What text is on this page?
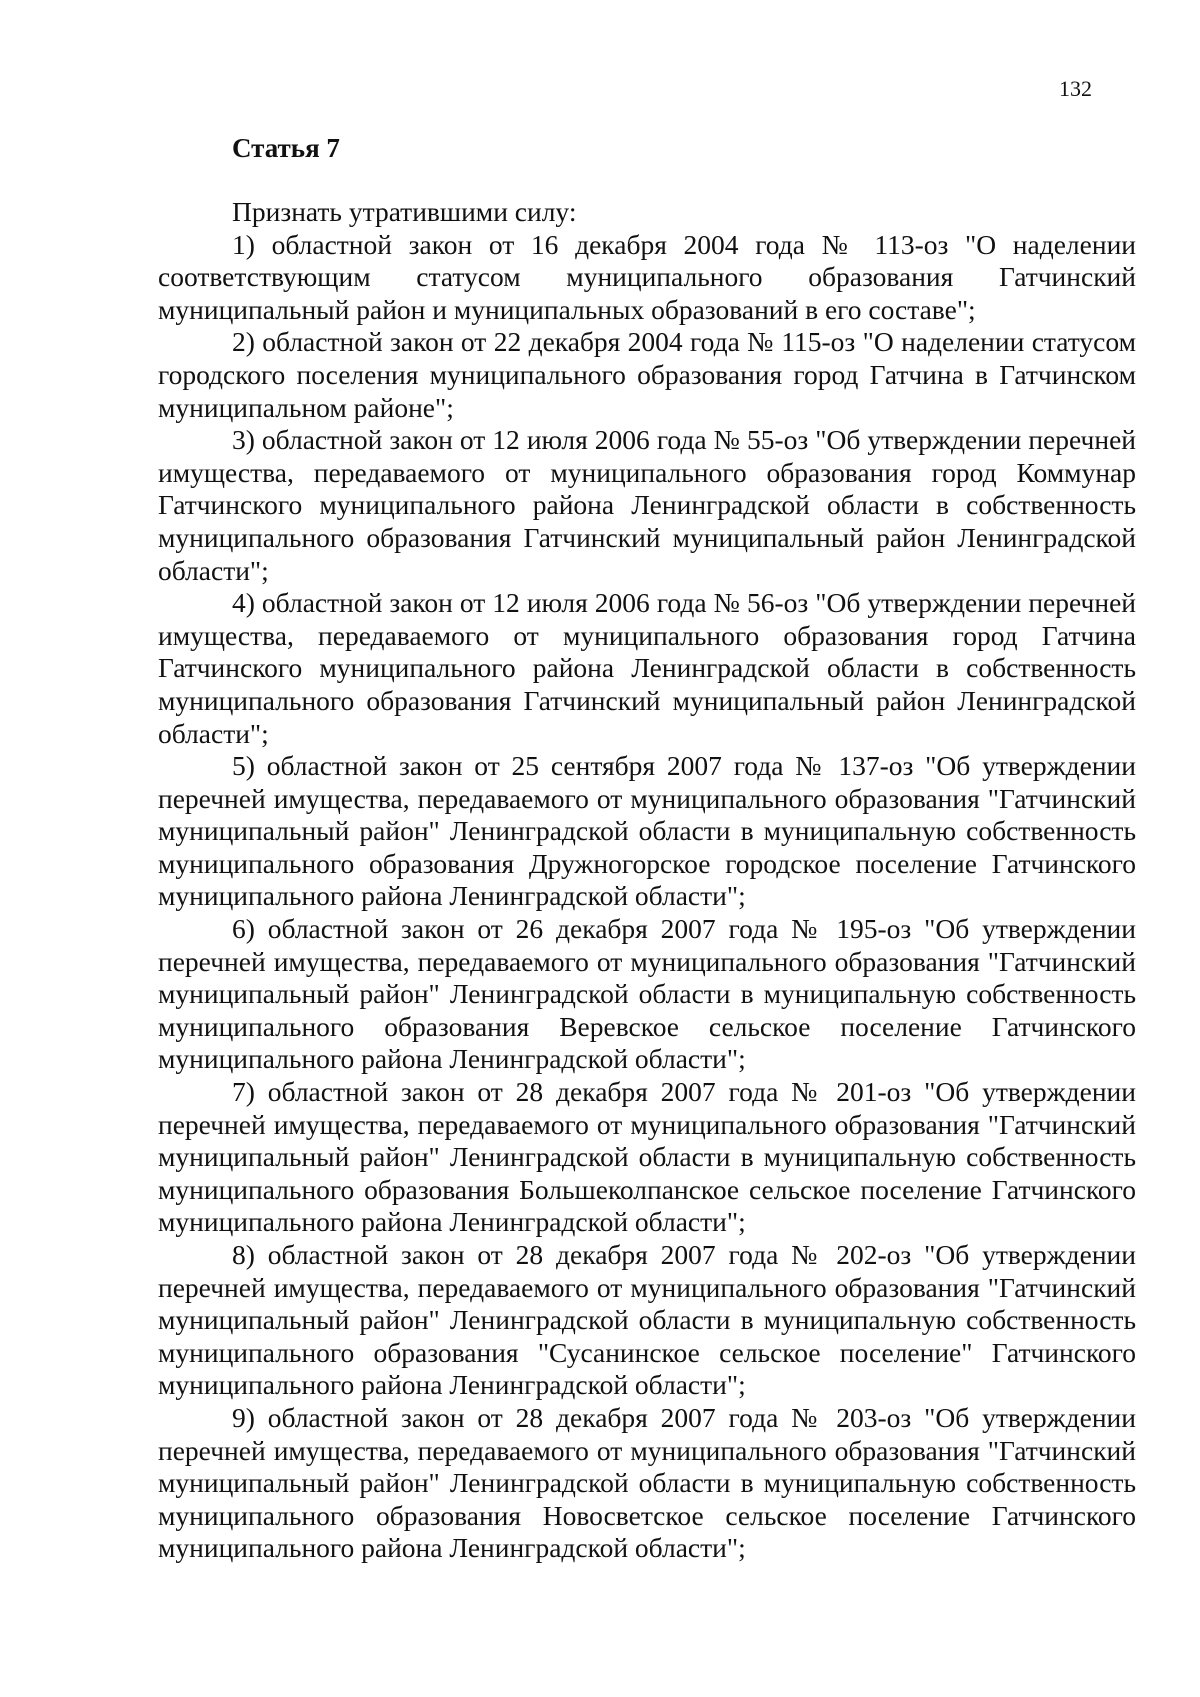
132
Статья 7

Признать утратившими силу:

1) областной закон от 16 декабря 2004 года № 113-оз "О наделении соответствующим статусом муниципального образования Гатчинский муниципальный район и муниципальных образований в его составе";

2) областной закон от 22 декабря 2004 года № 115-оз "О наделении статусом городского поселения муниципального образования город Гатчина в Гатчинском муниципальном районе";

3) областной закон от 12 июля 2006 года № 55-оз "Об утверждении перечней имущества, передаваемого от муниципального образования город Коммунар Гатчинского муниципального района Ленинградской области в собственность муниципального образования Гатчинский муниципальный район Ленинградской области";

4) областной закон от 12 июля 2006 года № 56-оз "Об утверждении перечней имущества, передаваемого от муниципального образования город Гатчина Гатчинского муниципального района Ленинградской области в собственность муниципального образования Гатчинский муниципальный район Ленинградской области";

5) областной закон от 25 сентября 2007 года № 137-оз "Об утверждении перечней имущества, передаваемого от муниципального образования "Гатчинский муниципальный район" Ленинградской области в муниципальную собственность муниципального образования Дружногорское городское поселение Гатчинского муниципального района Ленинградской области";

6) областной закон от 26 декабря 2007 года № 195-оз "Об утверждении перечней имущества, передаваемого от муниципального образования "Гатчинский муниципальный район" Ленинградской области в муниципальную собственность муниципального образования Веревское сельское поселение Гатчинского муниципального района Ленинградской области";

7) областной закон от 28 декабря 2007 года № 201-оз "Об утверждении перечней имущества, передаваемого от муниципального образования "Гатчинский муниципальный район" Ленинградской области в муниципальную собственность муниципального образования Большеколпанское сельское поселение Гатчинского муниципального района Ленинградской области";

8) областной закон от 28 декабря 2007 года № 202-оз "Об утверждении перечней имущества, передаваемого от муниципального образования "Гатчинский муниципальный район" Ленинградской области в муниципальную собственность муниципального образования "Сусанинское сельское поселение" Гатчинского муниципального района Ленинградской области";

9) областной закон от 28 декабря 2007 года № 203-оз "Об утверждении перечней имущества, передаваемого от муниципального образования "Гатчинский муниципальный район" Ленинградской области в муниципальную собственность муниципального образования Новосветское сельское поселение Гатчинского муниципального района Ленинградской области";
